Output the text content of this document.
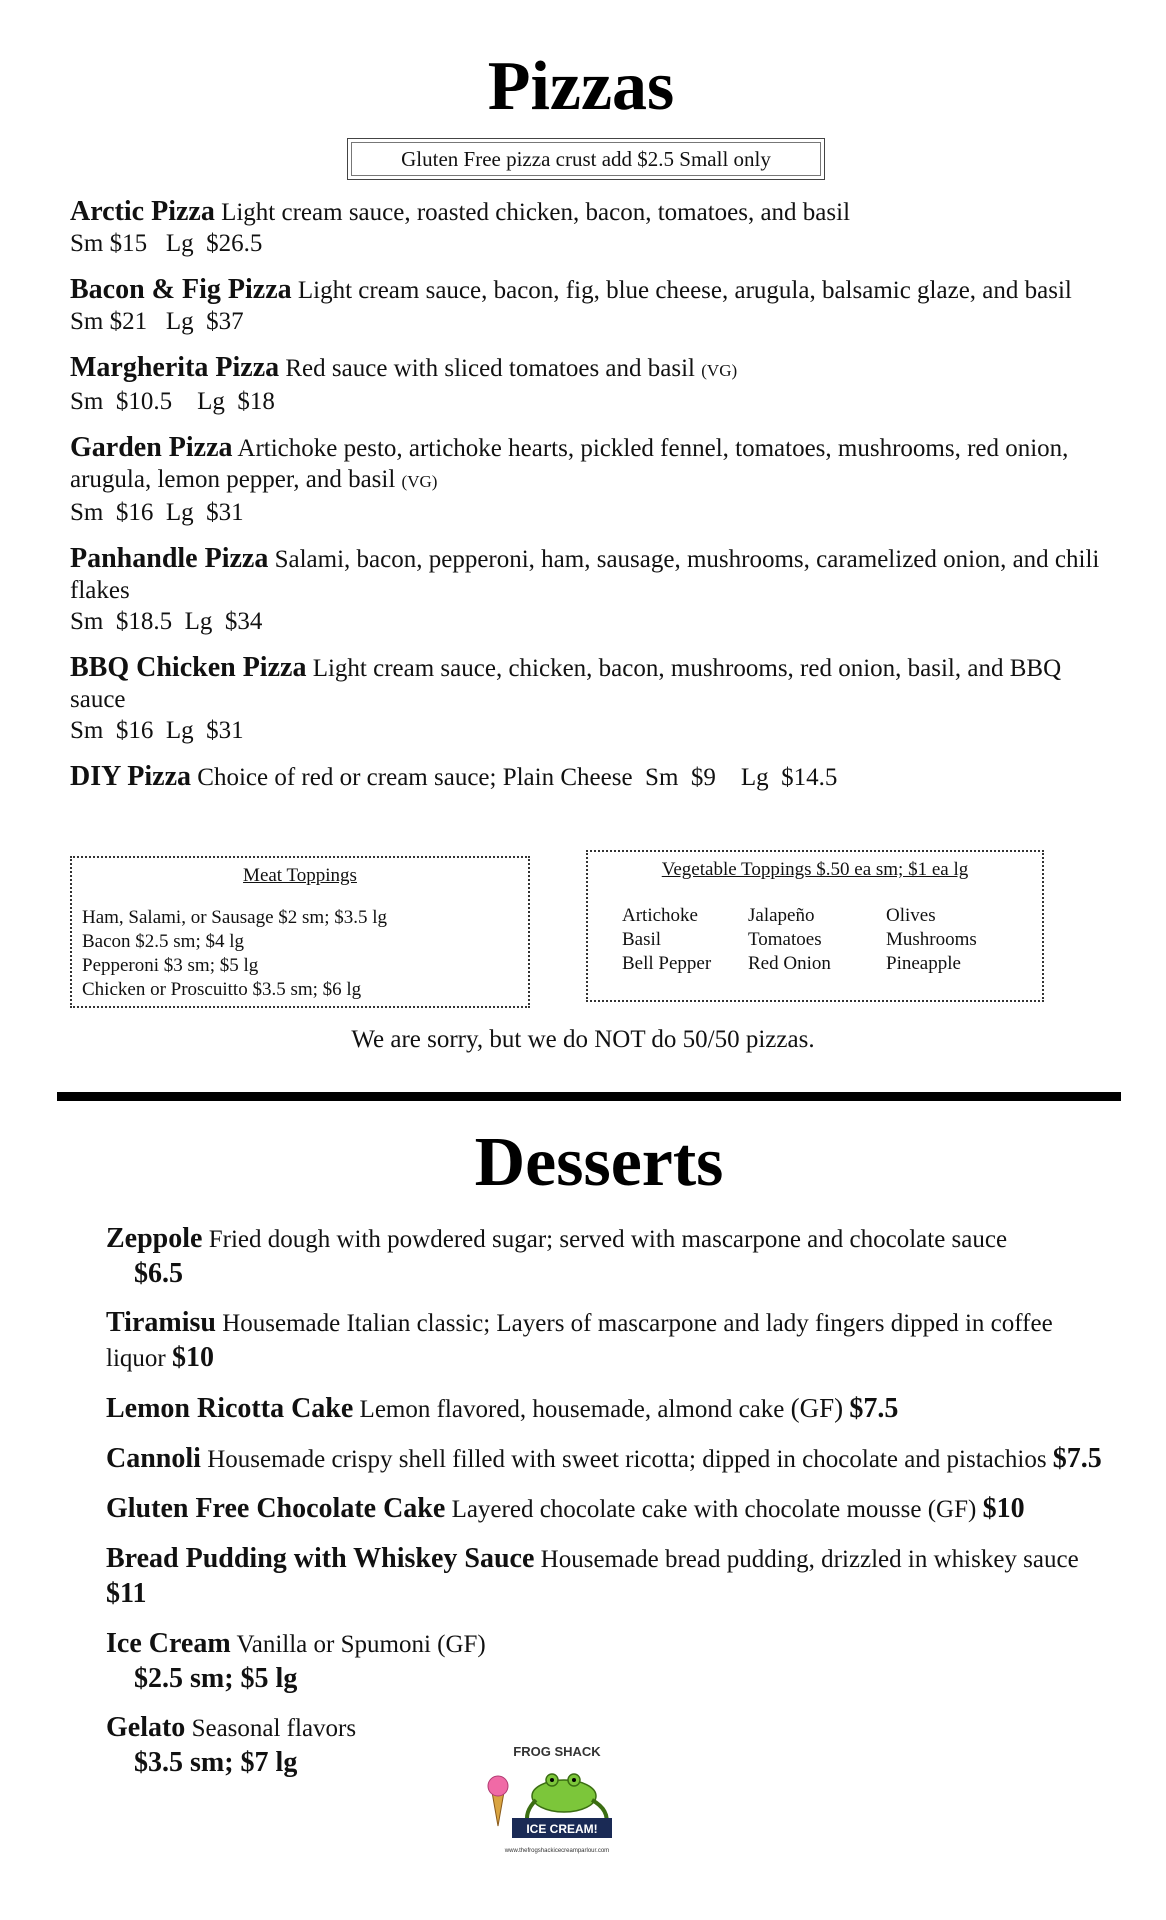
Pizzas
Gluten Free pizza crust add $2.5 Small only
Arctic Pizza Light cream sauce, roasted chicken, bacon, tomatoes, and basil
Sm $15   Lg  $26.5
Bacon & Fig Pizza Light cream sauce, bacon, fig, blue cheese, arugula, balsamic glaze, and basil
Sm $21   Lg  $37
Margherita Pizza Red sauce with sliced tomatoes and basil (VG)
Sm  $10.5    Lg  $18
Garden Pizza Artichoke pesto, artichoke hearts, pickled fennel, tomatoes, mushrooms, red onion, arugula, lemon pepper, and basil (VG)
Sm  $16  Lg  $31
Panhandle Pizza Salami, bacon, pepperoni, ham, sausage, mushrooms, caramelized onion, and chili flakes
Sm  $18.5  Lg  $34
BBQ Chicken Pizza Light cream sauce, chicken, bacon, mushrooms, red onion, basil, and BBQ sauce
Sm  $16  Lg  $31
DIY Pizza Choice of red or cream sauce; Plain Cheese  Sm  $9    Lg  $14.5
Meat Toppings
Ham, Salami, or Sausage $2 sm; $3.5 lg
Bacon $2.5 sm; $4 lg
Pepperoni $3 sm; $5 lg
Chicken or Proscuitto $3.5 sm; $6 lg
Vegetable Toppings $.50 ea sm; $1 ea lg
Artichoke	Jalapeño	Olives
Basil	Tomatoes	Mushrooms
Bell Pepper	Red Onion	Pineapple
We are sorry, but we do NOT do 50/50 pizzas.
Desserts
Zeppole Fried dough with powdered sugar; served with mascarpone and chocolate sauce
$6.5
Tiramisu Housemade Italian classic; Layers of mascarpone and lady fingers dipped in coffee liquor $10
Lemon Ricotta Cake Lemon flavored, housemade, almond cake (GF) $7.5
Cannoli Housemade crispy shell filled with sweet ricotta; dipped in chocolate and pistachios $7.5
Gluten Free Chocolate Cake Layered chocolate cake with chocolate mousse (GF) $10
Bread Pudding with Whiskey Sauce Housemade bread pudding, drizzled in whiskey sauce $11
Ice Cream Vanilla or Spumoni (GF)
$2.5 sm; $5 lg
Gelato Seasonal flavors
$3.5 sm; $7 lg	FROG SHACK
ICE CREAM!
www.thefrogshackicecreamparlour.com
